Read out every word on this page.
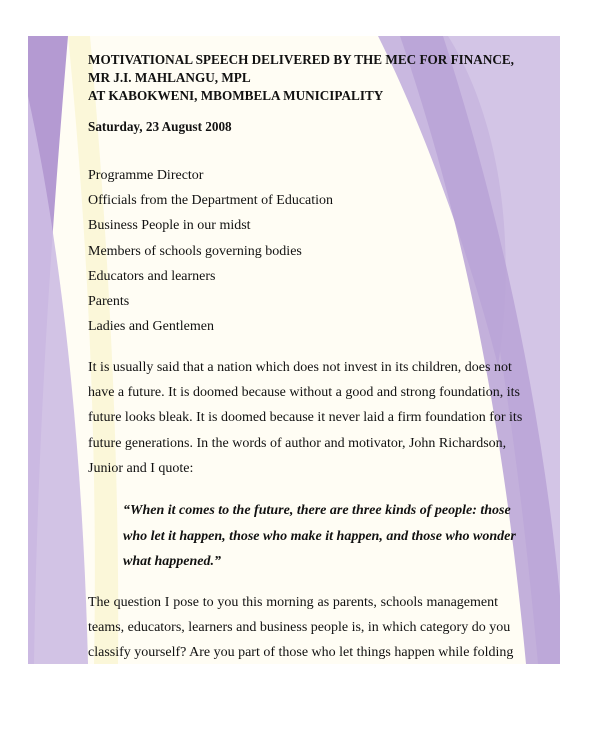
MOTIVATIONAL SPEECH DELIVERED BY THE MEC FOR FINANCE,
MR J.I. MAHLANGU, MPL
AT KABOKWENI, MBOMBELA MUNICIPALITY
Saturday, 23 August 2008
Programme Director
Officials from the Department of Education
Business People in our midst
Members of schools governing bodies
Educators and learners
Parents
Ladies and Gentlemen
It is usually said that a nation which does not invest in its children, does not
have a future. It is doomed because without a good and strong foundation, its
future looks bleak. It is doomed because it never laid a firm foundation for its
future generations. In the words of author and motivator, John Richardson,
Junior and I quote:
“When it comes to the future, there are three kinds of people: those
who let it happen, those who make it happen, and those who wonder
what happened.”
The question I pose to you this morning as parents, schools management
teams, educators, learners and business people is, in which category do you
classify yourself? Are you part of those who let things happen while folding
